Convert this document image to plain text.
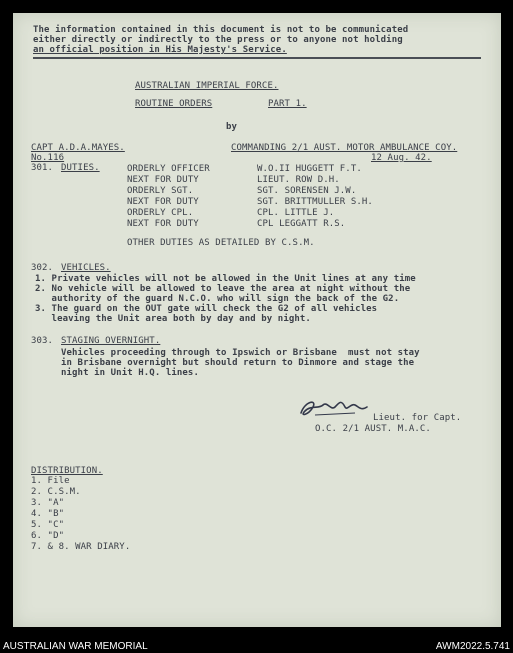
The information contained in this document is not to be communicated
either directly or indirectly to the press or to anyone not holding
an official position in His Majesty's Service.
AUSTRALIAN IMPERIAL FORCE.
ROUTINE ORDERS	PART 1.
by
CAPT A.D.A.MAYES.	COMMANDING 2/1 AUST. MOTOR AMBULANCE COY.
No.116	12 Aug. 42.
301. DUTIES.	ORDERLY OFFICER	W.O.II HUGGETT F.T.
NEXT FOR DUTY	LIEUT. ROW D.H.
ORDERLY SGT.	SGT. SORENSEN J.W.
NEXT FOR DUTY	SGT. BRITTMULLER S.H.
ORDERLY CPL.	CPL. LITTLE J.
NEXT FOR DUTY	CPL LEGGATT R.S.
OTHER DUTIES AS DETAILED BY C.S.M.
302. VEHICLES.
1. Private vehicles will not be allowed in the Unit lines at any time
2. No vehicle will be allowed to leave the area at night without the
authority of the guard N.C.O. who will sign the back of the G2.
3. The guard on the OUT gate will check the G2 of all vehicles
leaving the Unit area both by day and by night.
303. STAGING OVERNIGHT.
Vehicles proceeding through to Ipswich or Brisbane  must not stay
in Brisbane overnight but should return to Dinmore and stage the
night in Unit H.Q. lines.
Lieut. for Capt.
O.C. 2/1 AUST. M.A.C.
DISTRIBUTION.
1. File
2. C.S.M.
3. "A"
4. "B"
5. "C"
6. "D"
7. & 8. WAR DIARY.
AUSTRALIAN WAR MEMORIAL	AWM2022.5.741
